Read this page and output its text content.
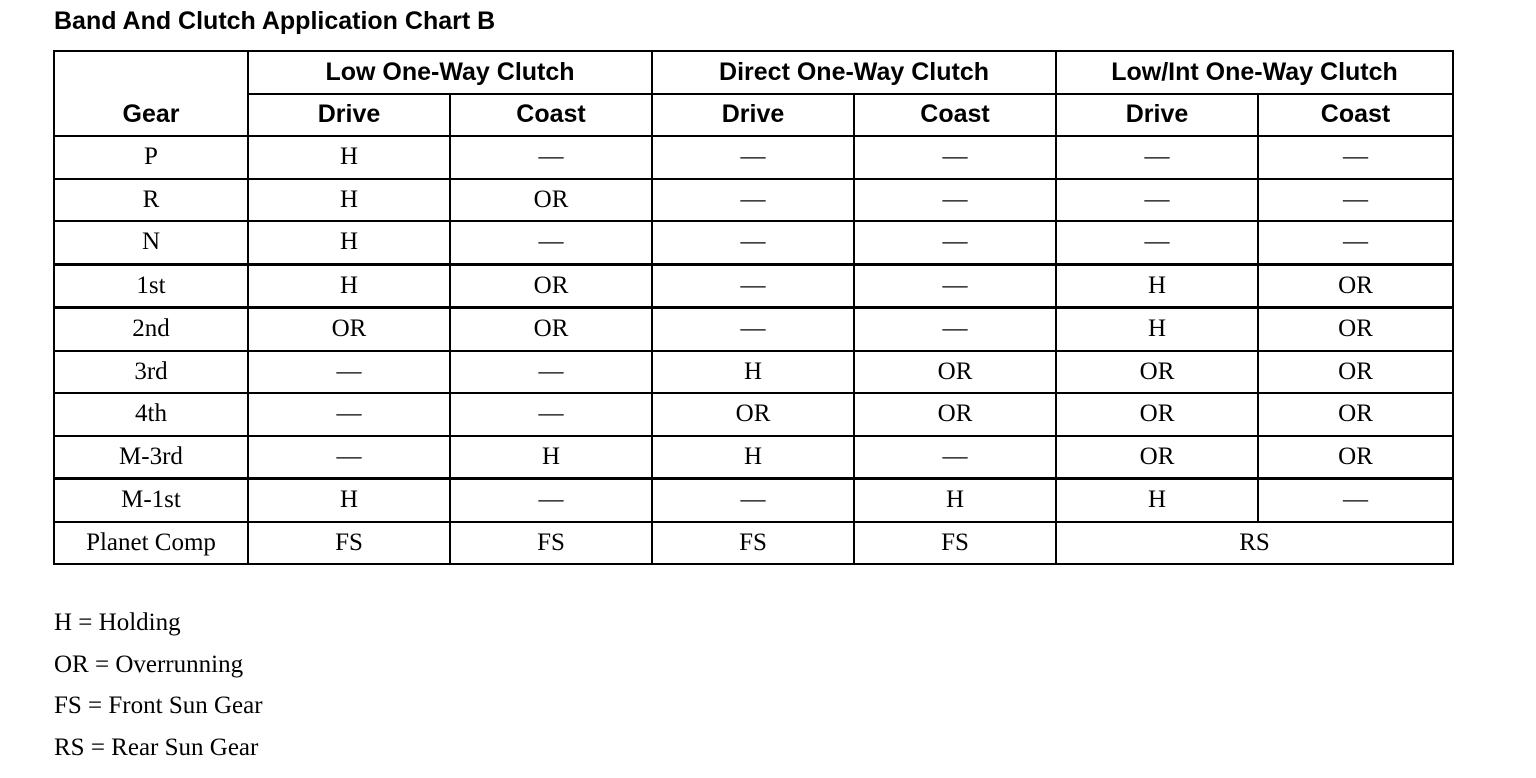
Band And Clutch Application Chart B
Gear	Low One-Way Clutch		Direct One-Way Clutch		Low/Int One-Way Clutch	
	Drive	Coast	Drive	Coast	Drive	Coast
P	H	—	—	—	—	—
R	H	OR	—	—	—	—
N	H	—	—	—	—	—
1st	H	OR	—	—	H	OR
2nd	OR	OR	—	—	H	OR
3rd	—	—	H	OR	OR	OR
4th	—	—	OR	OR	OR	OR
M-3rd	—	H	H	—	OR	OR
M-1st	H	—	—	H	H	—
Planet Comp	FS	FS	FS	FS	RS	
H = Holding
OR = Overrunning
FS = Front Sun Gear
RS = Rear Sun Gear
